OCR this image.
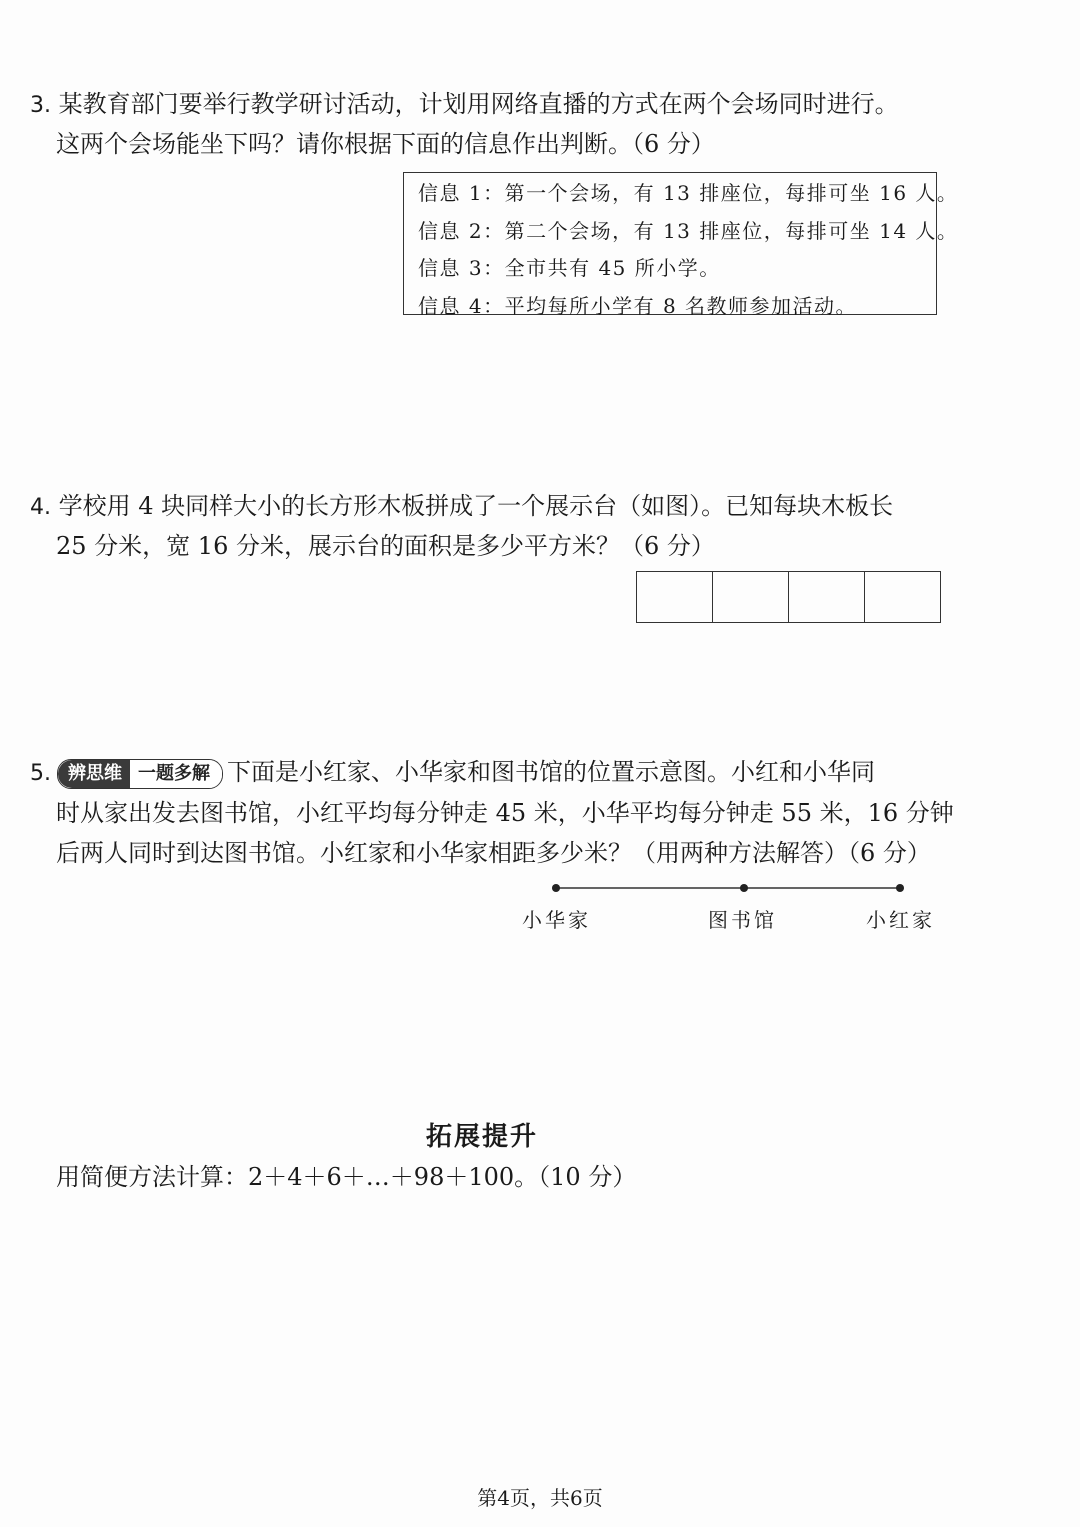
3. 某教育部门要举行教学研讨活动，计划用网络直播的方式在两个会场同时进行。
这两个会场能坐下吗？请你根据下面的信息作出判断。（6 分）
信息 1：第一个会场，有 13 排座位，每排可坐 16 人。
信息 2：第二个会场，有 13 排座位，每排可坐 14 人。
信息 3：全市共有 45 所小学。
信息 4：平均每所小学有 8 名教师参加活动。
4. 学校用 4 块同样大小的长方形木板拼成了一个展示台（如图）。已知每块木板长
25 分米，宽 16 分米，展示台的面积是多少平方米？（6 分）
5. 辨思维 一题多解 下面是小红家、小华家和图书馆的位置示意图。小红和小华同
时从家出发去图书馆，小红平均每分钟走 45 米，小华平均每分钟走 55 米，16 分钟
后两人同时到达图书馆。小红家和小华家相距多少米？（用两种方法解答）（6 分）
小华家	图书馆	小红家
拓展提升
用简便方法计算：2＋4＋6＋…＋98＋100。（10 分）
第4页，共6页
